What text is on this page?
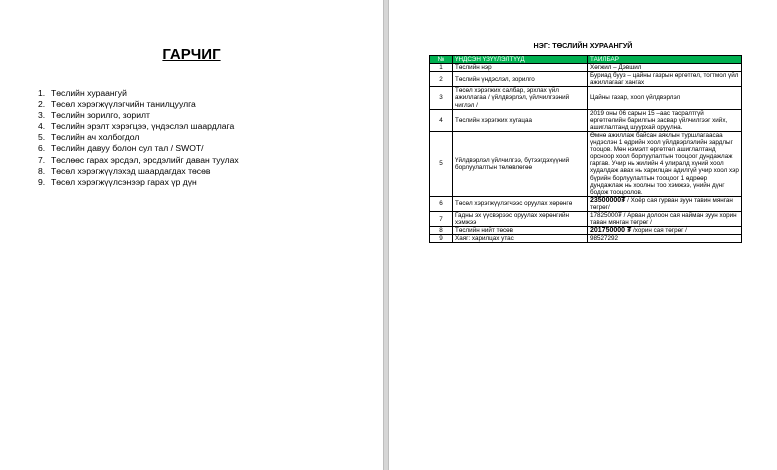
ГАРЧИГ
1. Төслийн хураангуй
2. Төсөл хэрэгжүүлэгчийн танилцуулга
3. Төслийн зорилго, зорилт
4. Төслийн эрэлт хэрэгцээ, үндэслэл шаардлага
5. Төслийн ач холбогдол
6. Төслийн давуу болон сул тал / SWOT/
7. Төслөөс гарах эрсдэл, эрсдэлийг даван туулах
8. Төсөл хэрэгжүүлэхэд шаардагдах төсөв
9. Төсөл хэрэгжүүлсэнээр гарах үр дүн
НЭГ: ТӨСЛИЙН ХУРААНГУЙ
№	ҮНДСЭН ҮЗҮҮЛЭЛТҮҮД	ТАЙЛБАР
1	Төслийн нэр	Хөгжил – Дэвшил
2	Төслийн үндэслэл, зорилго	Буриад бууз – цайны газрын өргөтгөл, тогтмол үйл ажиллагааг хангах
3	Төсөл хэрэгжих салбар, эрхлах үйл ажиллагаа / үйлдвэрлэл, үйлчилгээний чиглэл /	Цайны газар, хоол үйлдвэрлэл
4	Төслийн хэрэгжих хугацаа	2019 оны 06 сарын 15 –аас тасралтгүй өргөтгөлийн барилгын засвар үйлчилгээг хийх, ашиглалтанд шуурхай оруулна.
5	Үйлдвэрлэл үйлчилгээ, бүтээгдэхүүний борлуулалтын төлөвлөгөө	Өмнө ажиллаж байсан аяклын туршлагаасаа үндэслэн 1 өдрийн хоол үйлдвэрлэлийн зардлыг тооцов. Мөн нэмэлт өргөтгөл ашиглалтанд орсноор хоол борлуулалтын тооцоог дундажлаж гаргав. Учир нь жилийн 4 улиралд хүний хоол худалдаж авах нь харилцан адилгүй учир хоол хэр бүрийн борлуулалтын тооцоог 1 өдрөөр дундажлаж нь хоолны тоо хэмжээ, үнийн дүнг бодож тооцоолов.
6	Төсөл хэрэгжүүлэгчээс оруулах хөрөнгө	23500000₮ / Хоёр сая гурван зуун тавин мянган төгрөг/
7	Гадны эх үүсвэрээс оруулах хөрөнгийн хэмжээ	17825000₮ / Арван долоон сая найман зуун хорин таван мянган төгрөг /
8	Төслийн нийт төсөв	201750000 ₮ /хорин сая төгрөг /
9	Хаяг: харилцах утас	98527292
